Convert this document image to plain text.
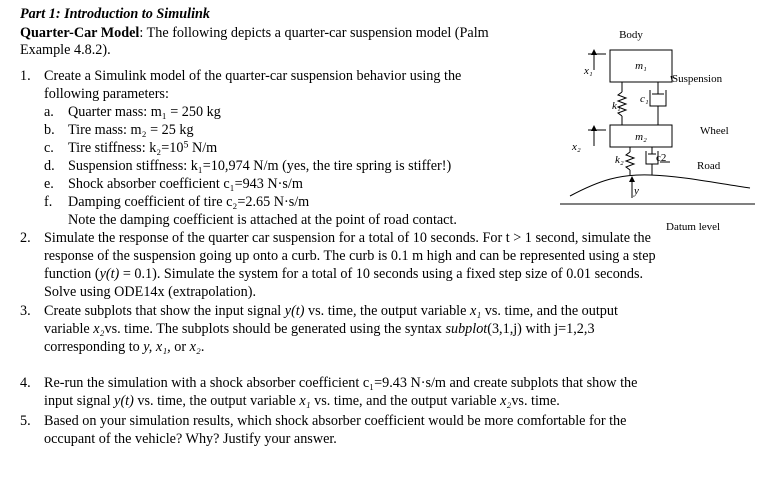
Part 1: Introduction to Simulink
Quarter-Car Model: The following depicts a quarter-car suspension model (Palm
Example 4.8.2).
1. Create a Simulink model of the quarter-car suspension behavior using the
following parameters:
a. Quarter mass: m₁ = 250 kg
b. Tire mass: m₂ = 25 kg
c. Tire stiffness: $k_2=10^5$ N/m
d. Suspension stiffness: k₁=10,974 N/m (yes, the tire spring is stiffer!)
e. Shock absorber coefficient c₁=943 N·s/m
f. Damping coefficient of tire c₂=2.65 N·s/m
Note the damping coefficient is attached at the point of road contact.
2. Simulate the response of the quarter car suspension for a total of 10 seconds. For t > 1 second, simulate the
response of the suspension going up onto a curb. The curb is 0.1 m high and can be represented using a step
function (y(t) = 0.1). Simulate the system for a total of 10 seconds using a fixed step size of 0.01 seconds.
Solve using ODE14x (extrapolation).
3. Create subplots that show the input signal y(t) vs. time, the output variable x₁ vs. time, and the output
variable x₂vs. time. The subplots should be generated using the syntax subplot(3,1,j) with j=1,2,3
corresponding to y, x₁, or x₂.
4. Re-run the simulation with a shock absorber coefficient c₁=9.43 N·s/m and create subplots that show the
input signal y(t) vs. time, the output variable x₁ vs. time, and the output variable x₂vs. time.
5. Based on your simulation results, which shock absorber coefficient would be more comfortable for the
occupant of the vehicle? Why? Justify your answer.
Body
m₁
m₂
Suspension
Wheel
Road
Datum level
x₁
x₂
k₁
k₂
c₁
c2
y
